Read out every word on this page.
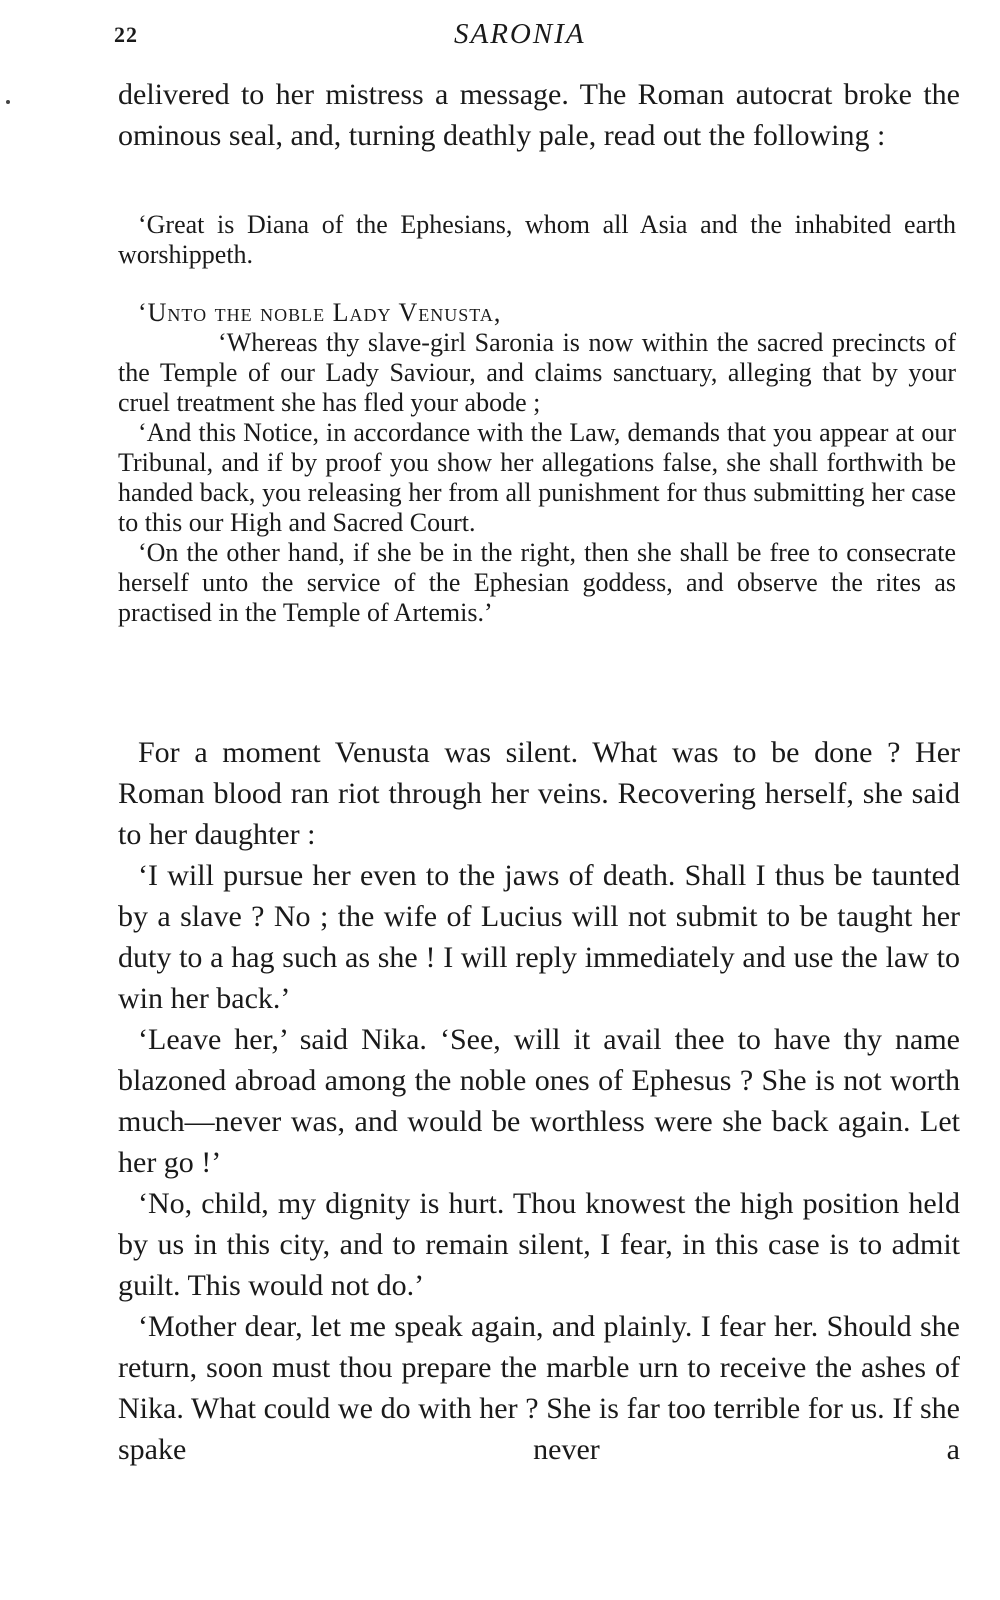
22	SARONIA

delivered to her mistress a message. The Roman autocrat broke the ominous seal, and, turning deathly pale, read out the following :

‘Great is Diana of the Ephesians, whom all Asia and the inhabited earth worshippeth.

‘Unto the noble Lady Venusta,

‘Whereas thy slave-girl Saronia is now within the sacred precincts of the Temple of our Lady Saviour, and claims sanctuary, alleging that by your cruel treatment she has fled your abode ;

‘And this Notice, in accordance with the Law, demands that you appear at our Tribunal, and if by proof you show her allegations false, she shall forthwith be handed back, you releasing her from all punishment for thus submitting her case to this our High and Sacred Court.

‘On the other hand, if she be in the right, then she shall be free to consecrate herself unto the service of the Ephesian goddess, and observe the rites as practised in the Temple of Artemis.’

For a moment Venusta was silent. What was to be done ? Her Roman blood ran riot through her veins. Recovering herself, she said to her daughter :

‘I will pursue her even to the jaws of death. Shall I thus be taunted by a slave ? No ; the wife of Lucius will not submit to be taught her duty to a hag such as she ! I will reply immediately and use the law to win her back.’

‘Leave her,’ said Nika. ‘See, will it avail thee to have thy name blazoned abroad among the noble ones of Ephesus ? She is not worth much—never was, and would be worthless were she back again. Let her go !’

‘No, child, my dignity is hurt. Thou knowest the high position held by us in this city, and to remain silent, I fear, in this case is to admit guilt. This would not do.’

‘Mother dear, let me speak again, and plainly. I fear her. Should she return, soon must thou prepare the marble urn to receive the ashes of Nika. What could we do with her ? She is far too terrible for us. If she spake never a
